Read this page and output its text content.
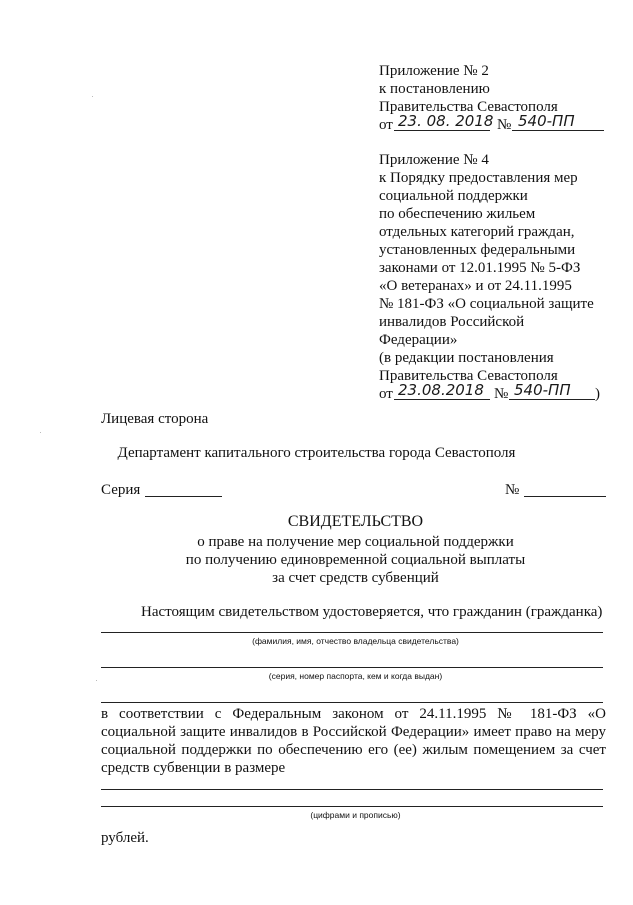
Приложение № 2
к постановлению
Правительства Севастополя
от 23. 08. 2018 № 540-ПП
Приложение № 4
к Порядку предоставления мер
социальной поддержки
по обеспечению жильем
отдельных категорий граждан,
установленных федеральными
законами от 12.01.1995 № 5-ФЗ
«О ветеранах» и от 24.11.1995
№ 181-ФЗ «О социальной защите
инвалидов Российской
Федерации»
(в редакции постановления
Правительства Севастополя
от 23.08.2018 № 540-ПП )
Лицевая сторона
Департамент капитального строительства города Севастополя
Серия	№
СВИДЕТЕЛЬСТВО
о праве на получение мер социальной поддержки
по получению единовременной социальной выплаты
за счет средств субвенций
Настоящим свидетельством удостоверяется, что гражданин (гражданка)
(фамилия, имя, отчество владельца свидетельства)
(серия, номер паспорта, кем и когда выдан)
в соответствии с Федеральным законом от 24.11.1995 № 181-ФЗ «О социальной защите инвалидов в Российской Федерации» имеет право на меру социальной поддержки по обеспечению его (ее) жилым помещением за счет средств субвенции в размере
(цифрами и прописью)
рублей.
